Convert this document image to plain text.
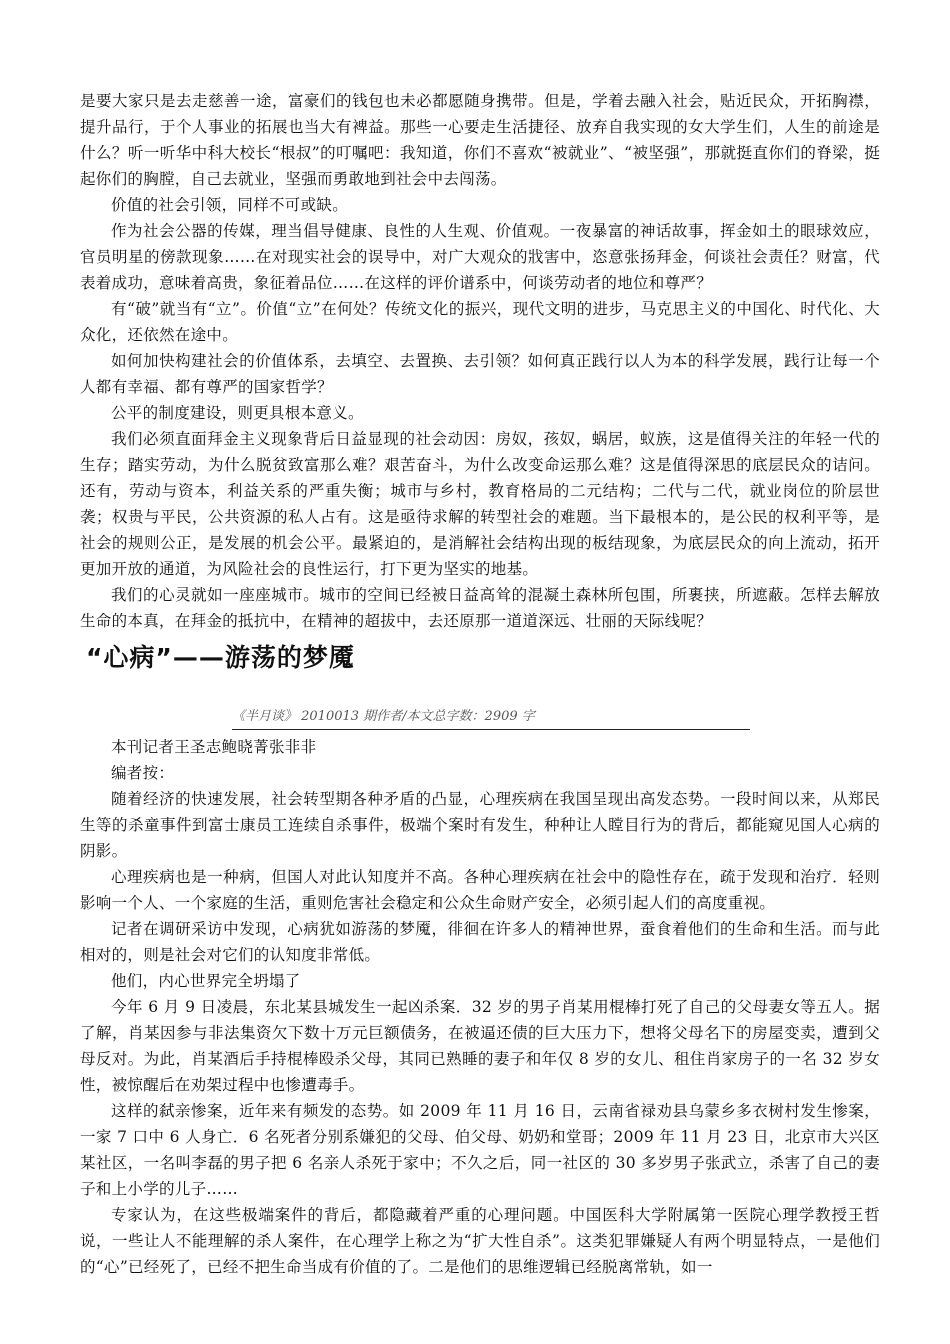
是要大家只是去走慈善一途，富豪们的钱包也未必都愿随身携带。但是，学着去融入社会，贴近民众，开拓胸襟，提升品行，于个人事业的拓展也当大有裨益。那些一心要走生活捷径、放弃自我实现的女大学生们，人生的前途是什么？听一听华中科大校长“根叔”的叮嘱吧：我知道，你们不喜欢“被就业”、“被坚强”，那就挺直你们的脊梁，挺起你们的胸膛，自己去就业，坚强而勇敢地到社会中去闯荡。

价值的社会引领，同样不可或缺。

作为社会公器的传媒，理当倡导健康、良性的人生观、价值观。一夜暴富的神话故事，挥金如土的眼球效应，官员明星的傍款现象……在对现实社会的误导中，对广大观众的戕害中，恣意张扬拜金，何谈社会责任？财富，代表着成功，意味着高贵，象征着品位……在这样的评价谱系中，何谈劳动者的地位和尊严？

有“破”就当有“立”。价值“立”在何处？传统文化的振兴，现代文明的进步，马克思主义的中国化、时代化、大众化，还依然在途中。

如何加快构建社会的价值体系，去填空、去置换、去引领？如何真正践行以人为本的科学发展，践行让每一个人都有幸福、都有尊严的国家哲学？

公平的制度建设，则更具根本意义。

我们必须直面拜金主义现象背后日益显现的社会动因：房奴，孩奴，蜗居，蚁族，这是值得关注的年轻一代的生存；踏实劳动，为什么脱贫致富那么难？艰苦奋斗，为什么改变命运那么难？这是值得深思的底层民众的诘问。还有，劳动与资本，利益关系的严重失衡；城市与乡村，教育格局的二元结构；二代与二代，就业岗位的阶层世袭；权贵与平民，公共资源的私人占有。这是亟待求解的转型社会的难题。当下最根本的，是公民的权利平等，是社会的规则公正，是发展的机会公平。最紧迫的，是消解社会结构出现的板结现象，为底层民众的向上流动，拓开更加开放的通道，为风险社会的良性运行，打下更为坚实的地基。

我们的心灵就如一座座城市。城市的空间已经被日益高耸的混凝土森林所包围，所裹挟，所遮蔽。怎样去解放生命的本真，在拜金的抵抗中，在精神的超拔中，去还原那一道道深远、壮丽的天际线呢？

“心病”——游荡的梦魇
《半月谈》 2010013 期作者/本文总字数：2909 字

本刊记者王圣志鲍晓菁张非非

编者按：

随着经济的快速发展，社会转型期各种矛盾的凸显，心理疾病在我国呈现出高发态势。一段时间以来，从郑民生等的杀童事件到富士康员工连续自杀事件，极端个案时有发生，种种让人瞠目行为的背后，都能窥见国人心病的阴影。

心理疾病也是一种病，但国人对此认知度并不高。各种心理疾病在社会中的隐性存在，疏于发现和治疗．轻则影响一个人、一个家庭的生活，重则危害社会稳定和公众生命财产安全，必须引起人们的高度重视。

记者在调研采访中发现，心病犹如游荡的梦魇，徘徊在许多人的精神世界，蚕食着他们的生命和生活。而与此相对的，则是社会对它们的认知度非常低。

他们，内心世界完全坍塌了

今年 6 月 9 日凌晨，东北某县城发生一起凶杀案．32 岁的男子肖某用棍棒打死了自己的父母妻女等五人。据了解，肖某因参与非法集资欠下数十万元巨额债务，在被逼还债的巨大压力下，想将父母名下的房屋变卖，遭到父母反对。为此，肖某酒后手持棍棒殴杀父母，其同已熟睡的妻子和年仅 8 岁的女儿、租住肖家房子的一名 32 岁女性，被惊醒后在劝架过程中也惨遭毒手。

这样的弑亲惨案，近年来有频发的态势。如 2009 年 11 月 16 日，云南省禄劝县乌蒙乡多衣树村发生惨案，一家 7 口中 6 人身亡．6 名死者分别系嫌犯的父母、伯父母、奶奶和堂哥；2009 年 11 月 23 日，北京市大兴区某社区，一名叫李磊的男子把 6 名亲人杀死于家中；不久之后，同一社区的 30 多岁男子张武立，杀害了自己的妻子和上小学的儿子……

专家认为，在这些极端案件的背后，都隐藏着严重的心理问题。中国医科大学附属第一医院心理学教授王哲说，一些让人不能理解的杀人案件，在心理学上称之为“扩大性自杀”。这类犯罪嫌疑人有两个明显特点，一是他们的“心”已经死了，已经不把生命当成有价值的了。二是他们的思维逻辑已经脱离常轨，如一
